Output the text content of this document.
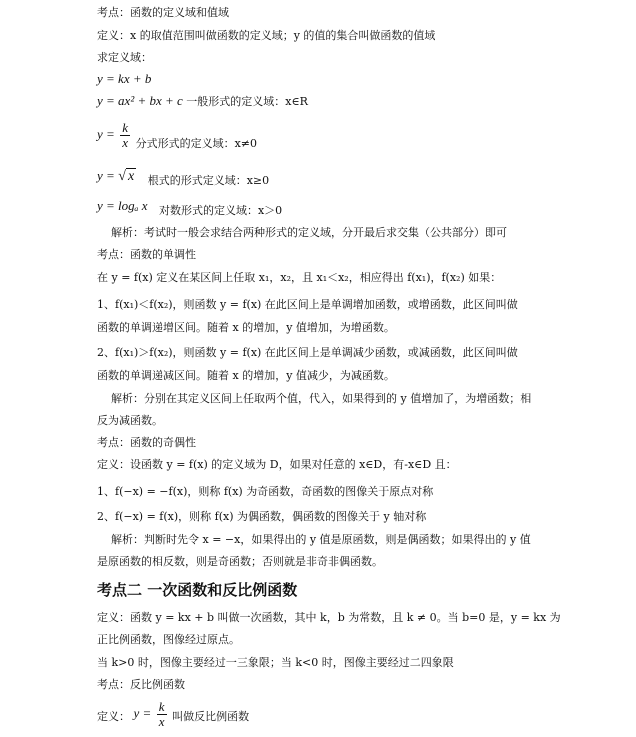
考点：函数的定义域和值域
定义：x 的取值范围叫做函数的定义域；y 的值的集合叫做函数的值域
求定义域：
y = kx + b
y = ax² + bx + c 一般形式的定义域：x∈R
$y = \frac{k}{x}$ 分式形式的定义域：x≠0
y = √ x 根式的形式定义域：x≥0
y = logₐ x 对数形式的定义域：x＞0
解析：考试时一般会求结合两种形式的定义域，分开最后求交集（公共部分）即可
考点：函数的单调性
在 y = f(x) 定义在某区间上任取 x₁，x₂，且 x₁＜x₂，相应得出 f(x₁)，f(x₂) 如果：
1、f(x₁)＜f(x₂)，则函数 y = f(x) 在此区间上是单调增加函数，或增函数，此区间叫做
函数的单调递增区间。随着 x 的增加，y 值增加，为增函数。
2、f(x₁)＞f(x₂)，则函数 y = f(x) 在此区间上是单调减少函数，或减函数，此区间叫做
函数的单调递减区间。随着 x 的增加，y 值减少，为减函数。
解析：分别在其定义区间上任取两个值，代入，如果得到的 y 值增加了，为增函数；相
反为减函数。
考点：函数的奇偶性
定义：设函数 y = f(x) 的定义域为 D，如果对任意的 x∈D，有-x∈D 且：
1、f(−x) = −f(x)，则称 f(x) 为奇函数，奇函数的图像关于原点对称
2、f(−x) = f(x)，则称 f(x) 为偶函数，偶函数的图像关于 y 轴对称
解析：判断时先令 x = −x，如果得出的 y 值是原函数，则是偶函数；如果得出的 y 值
是原函数的相反数，则是奇函数；否则就是非奇非偶函数。
考点二 一次函数和反比例函数
定义：函数 y = kx + b 叫做一次函数，其中 k，b 为常数，且 k ≠ 0。当 b=0 是，y = kx 为
正比例函数，图像经过原点。
当 k>0 时，图像主要经过一三象限；当 k<0 时，图像主要经过二四象限
考点：反比例函数
定义： $y = \frac{k}{x}$ 叫做反比例函数
